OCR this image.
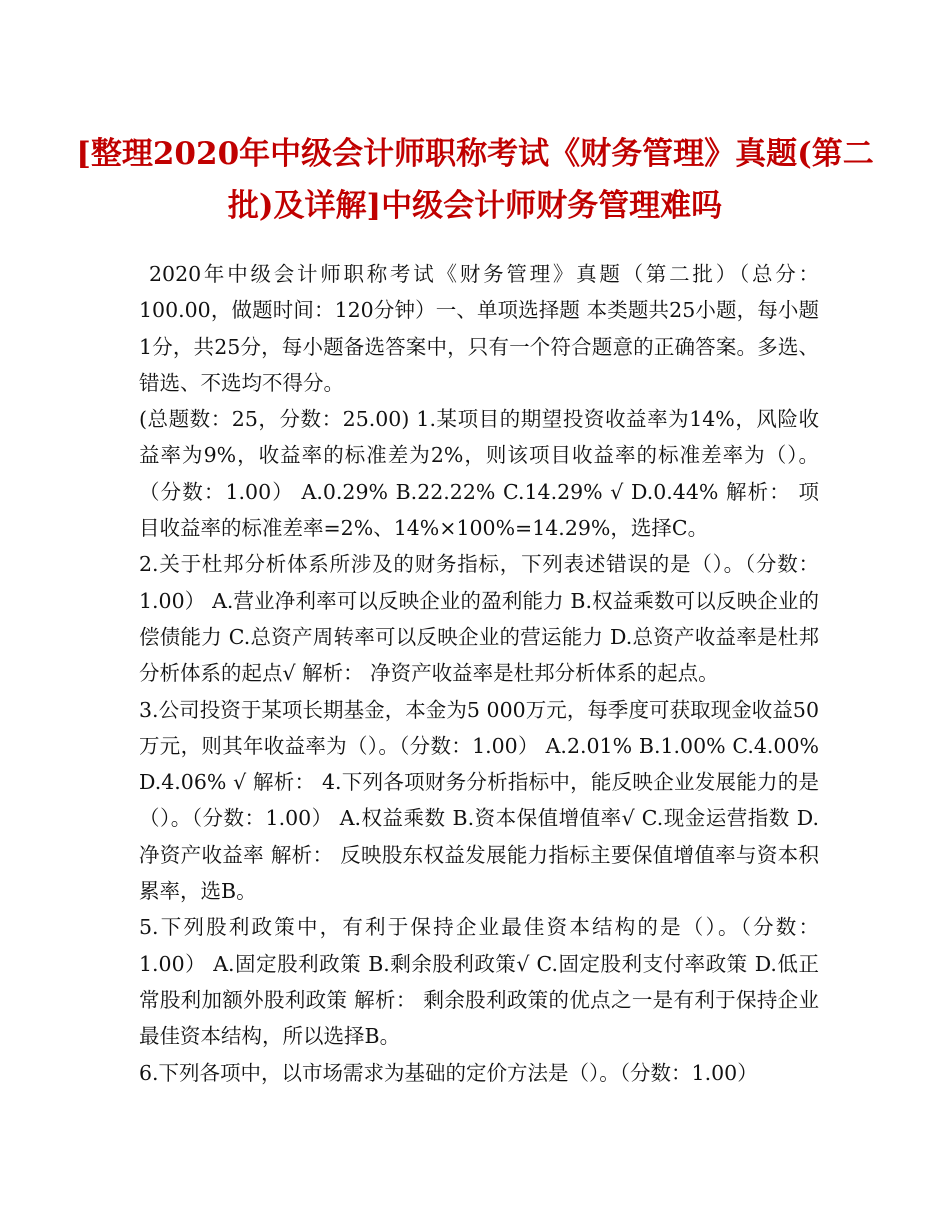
[整理2020年中级会计师职称考试《财务管理》真题(第二批)及详解]中级会计师财务管理难吗

2020年中级会计师职称考试《财务管理》真题（第二批）（总分：100.00，做题时间：120分钟）一、单项选择题 本类题共25小题，每小题1分，共25分，每小题备选答案中，只有一个符合题意的正确答案。多选、错选、不选均不得分。

(总题数：25，分数：25.00) 1.某项目的期望投资收益率为14%，风险收益率为9%，收益率的标准差为2%，则该项目收益率的标准差率为（）。（分数：1.00） A.0.29% B.22.22% C.14.29% √ D.0.44% 解析： 项目收益率的标准差率=2%、14%×100%=14.29%，选择C。

2.关于杜邦分析体系所涉及的财务指标，下列表述错误的是（）。（分数：1.00） A.营业净利率可以反映企业的盈利能力 B.权益乘数可以反映企业的偿债能力 C.总资产周转率可以反映企业的营运能力 D.总资产收益率是杜邦分析体系的起点√ 解析： 净资产收益率是杜邦分析体系的起点。

3.公司投资于某项长期基金，本金为5 000万元，每季度可获取现金收益50万元，则其年收益率为（）。（分数：1.00） A.2.01% B.1.00% C.4.00% D.4.06% √ 解析： 4.下列各项财务分析指标中，能反映企业发展能力的是（）。（分数：1.00） A.权益乘数 B.资本保值增值率√ C.现金运营指数 D.净资产收益率 解析： 反映股东权益发展能力指标主要保值增值率与资本积累率，选B。

5.下列股利政策中，有利于保持企业最佳资本结构的是（）。（分数：1.00） A.固定股利政策 B.剩余股利政策√ C.固定股利支付率政策 D.低正常股利加额外股利政策 解析： 剩余股利政策的优点之一是有利于保持企业最佳资本结构，所以选择B。

6.下列各项中，以市场需求为基础的定价方法是（）。（分数：1.00）
